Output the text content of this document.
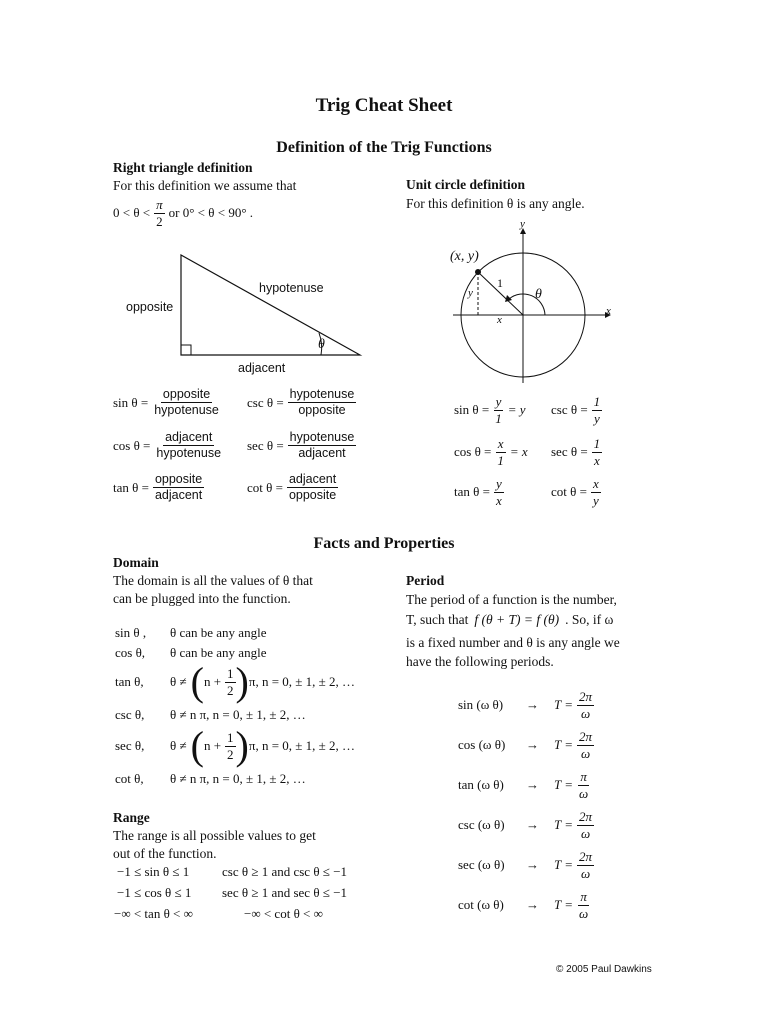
Trig Cheat Sheet
Definition of the Trig Functions
Right triangle definition
For this definition we assume that
$0 < \theta < \frac{\pi}{2}$ or 0° < θ < 90° .
hypotenuse
opposite
adjacent
θ
$\sin \theta = \frac{\text{opposite}}{\text{hypotenuse}}$ $\csc \theta = \frac{\text{hypotenuse}}{\text{opposite}}$
$\cos \theta = \frac{\text{adjacent}}{\text{hypotenuse}}$ $\sec \theta = \frac{\text{hypotenuse}}{\text{adjacent}}$
$\tan \theta = \frac{\text{opposite}}{\text{adjacent}}$	$\cot \theta = \frac{\text{adjacent}}{\text{opposite}}$
Unit circle definition
For this definition θ is any angle.
(x, y)
y
x
1
y
x
θ
$\sin \theta = \frac{y}{1} = y$ $\csc \theta = \frac{1}{y}$
$\cos \theta = \frac{x}{1} = x$ $\sec \theta = \frac{1}{x}$
$\tan \theta = \frac{y}{x}$	$\cot \theta = \frac{x}{y}$
Facts and Properties
Domain
The domain is all the values of θ that
can be plugged into the function.
sin θ ,	θ can be any angle
cos θ,	θ can be any angle
tan θ,	θ ≠ ( $n + \frac{1}{2}$ ) π, n = 0, ± 1, ± 2, …
csc θ,	θ ≠ n π, n = 0, ± 1, ± 2, …
sec θ,	θ ≠ ( $n + \frac{1}{2}$ ) π, n = 0, ± 1, ± 2, …
cot θ,	θ ≠ n π, n = 0, ± 1, ± 2, …
Range
The range is all possible values to get
out of the function.
−1 ≤ sin θ ≤ 1	csc θ ≥ 1 and csc θ ≤ −1
−1 ≤ cos θ ≤ 1 sec θ ≥ 1 and sec θ ≤ −1
−∞ < tan θ < ∞	−∞ < cot θ < ∞
Period
The period of a function is the number,
T, such that f (θ + T) = f (θ) . So, if ω
is a fixed number and θ is any angle we
have the following periods.
sin (ω θ)	→	$T = \frac{2\pi}{\omega}$
cos (ω θ)	→	$T = \frac{2\pi}{\omega}$
tan (ω θ)	→	$T = \frac{\pi}{\omega}$
csc (ω θ)	→	$T = \frac{2\pi}{\omega}$
sec (ω θ)	→	$T = \frac{2\pi}{\omega}$
cot (ω θ)	→	$T = \frac{\pi}{\omega}$
© 2005 Paul Dawkins
